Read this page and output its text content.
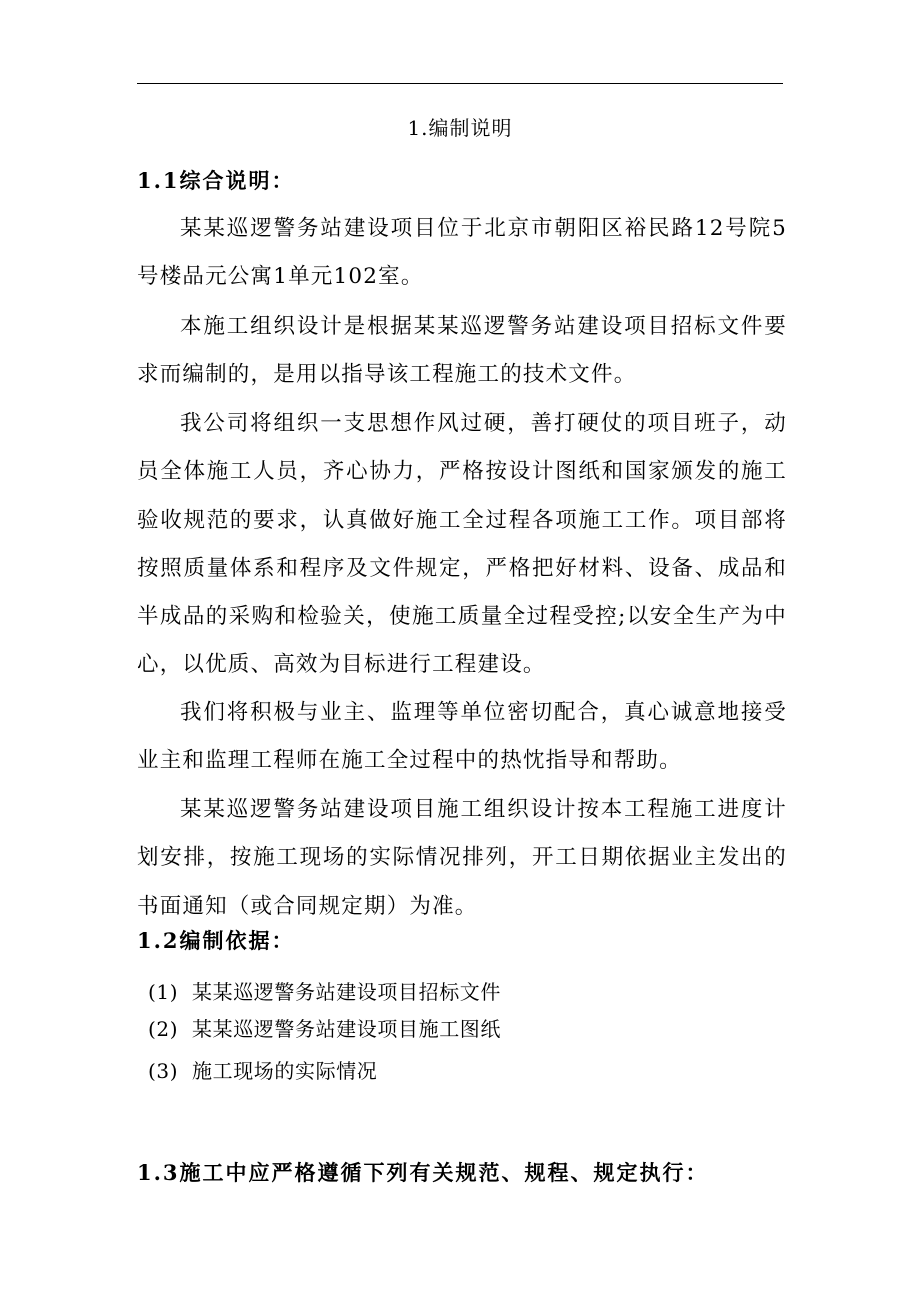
1.编制说明
1.1综合说明：

某某巡逻警务站建设项目位于北京市朝阳区裕民路12号院5号楼品元公寓1单元102室。

本施工组织设计是根据某某巡逻警务站建设项目招标文件要求而编制的，是用以指导该工程施工的技术文件。

我公司将组织一支思想作风过硬，善打硬仗的项目班子，动员全体施工人员，齐心协力，严格按设计图纸和国家颁发的施工验收规范的要求，认真做好施工全过程各项施工工作。项目部将按照质量体系和程序及文件规定，严格把好材料、设备、成品和半成品的采购和检验关，使施工质量全过程受控;以安全生产为中心，以优质、高效为目标进行工程建设。

我们将积极与业主、监理等单位密切配合，真心诚意地接受业主和监理工程师在施工全过程中的热忱指导和帮助。

某某巡逻警务站建设项目施工组织设计按本工程施工进度计划安排，按施工现场的实际情况排列，开工日期依据业主发出的书面通知（或合同规定期）为准。

1.2编制依据：
(1) 某某巡逻警务站建设项目招标文件
(2) 某某巡逻警务站建设项目施工图纸
(3) 施工现场的实际情况
1.3施工中应严格遵循下列有关规范、规程、规定执行：
